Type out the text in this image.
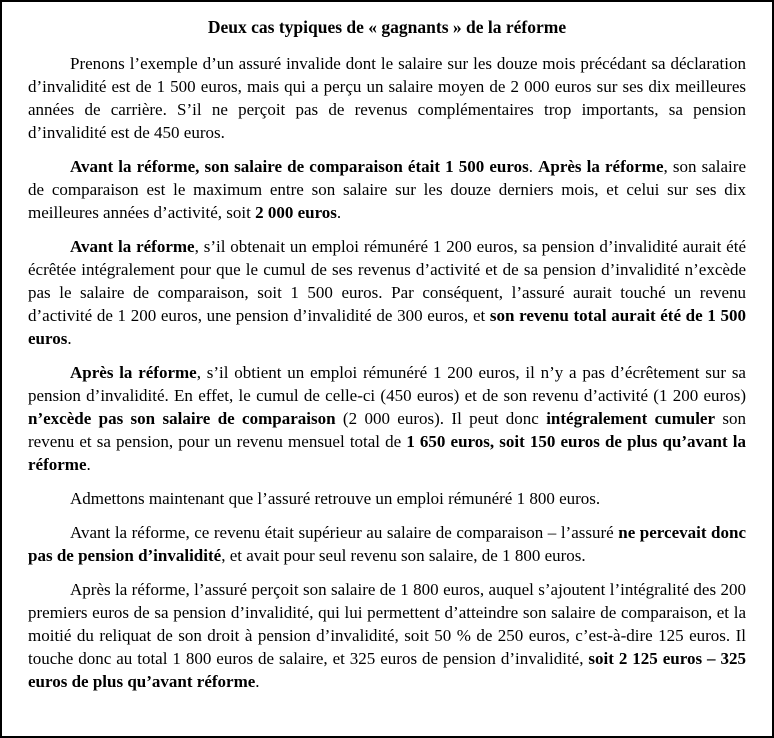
Deux cas typiques de « gagnants » de la réforme

Prenons l’exemple d’un assuré invalide dont le salaire sur les douze mois précédant sa déclaration d’invalidité est de 1 500 euros, mais qui a perçu un salaire moyen de 2 000 euros sur ses dix meilleures années de carrière. S’il ne perçoit pas de revenus complémentaires trop importants, sa pension d’invalidité est de 450 euros.

Avant la réforme, son salaire de comparaison était 1 500 euros. Après la réforme, son salaire de comparaison est le maximum entre son salaire sur les douze derniers mois, et celui sur ses dix meilleures années d’activité, soit 2 000 euros.

Avant la réforme, s’il obtenait un emploi rémunéré 1 200 euros, sa pension d’invalidité aurait été écrêtée intégralement pour que le cumul de ses revenus d’activité et de sa pension d’invalidité n’excède pas le salaire de comparaison, soit 1 500 euros. Par conséquent, l’assuré aurait touché un revenu d’activité de 1 200 euros, une pension d’invalidité de 300 euros, et son revenu total aurait été de 1 500 euros.

Après la réforme, s’il obtient un emploi rémunéré 1 200 euros, il n’y a pas d’écrêtement sur sa pension d’invalidité. En effet, le cumul de celle-ci (450 euros) et de son revenu d’activité (1 200 euros) n’excède pas son salaire de comparaison (2 000 euros). Il peut donc intégralement cumuler son revenu et sa pension, pour un revenu mensuel total de 1 650 euros, soit 150 euros de plus qu’avant la réforme.

Admettons maintenant que l’assuré retrouve un emploi rémunéré 1 800 euros.

Avant la réforme, ce revenu était supérieur au salaire de comparaison – l’assuré ne percevait donc pas de pension d’invalidité, et avait pour seul revenu son salaire, de 1 800 euros.

Après la réforme, l’assuré perçoit son salaire de 1 800 euros, auquel s’ajoutent l’intégralité des 200 premiers euros de sa pension d’invalidité, qui lui permettent d’atteindre son salaire de comparaison, et la moitié du reliquat de son droit à pension d’invalidité, soit 50 % de 250 euros, c’est-à-dire 125 euros. Il touche donc au total 1 800 euros de salaire, et 325 euros de pension d’invalidité, soit 2 125 euros – 325 euros de plus qu’avant réforme.
